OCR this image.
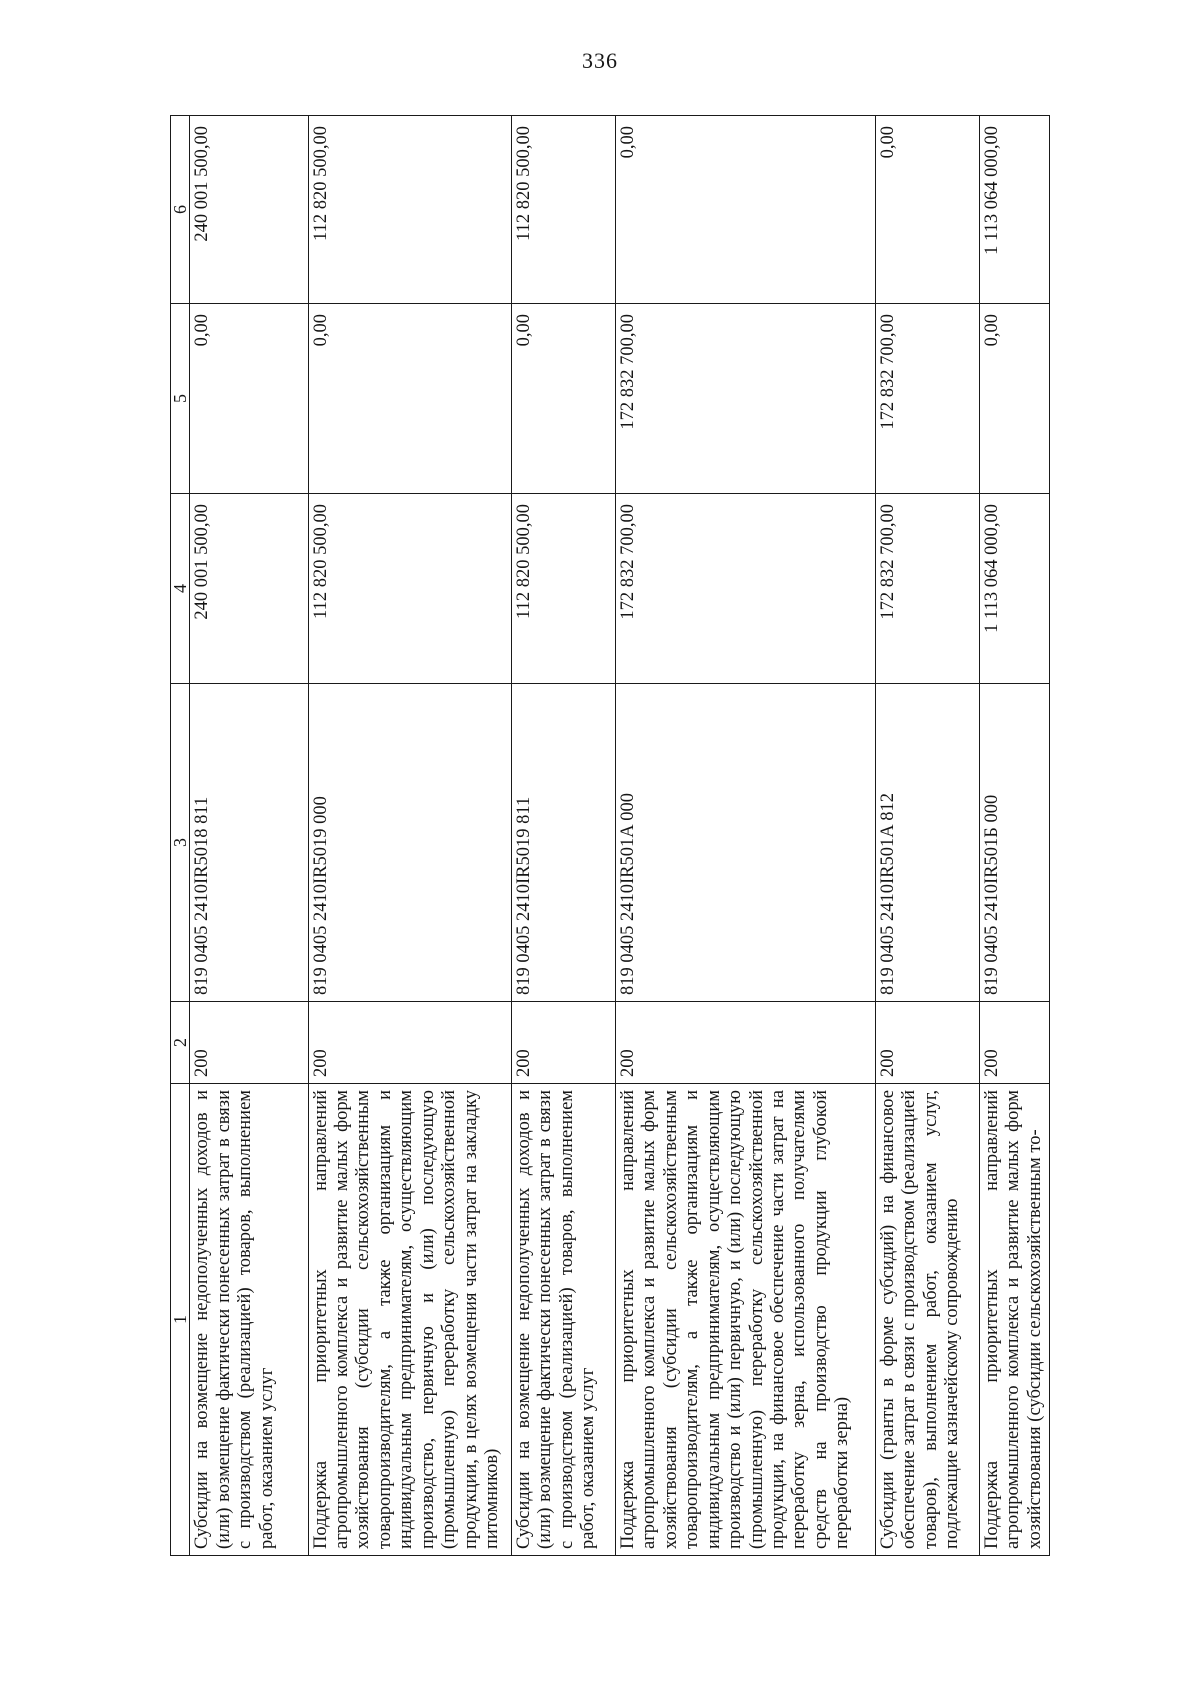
336
1	2	3	4	5	6
Субсидии на возмещение недополученных доходов и (или) возмещение фактически понесенных затрат в связи с производством (реализацией) товаров, выполнением работ, оказанием услуг	200	819 0405 2410IR5018 811	240 001 500,00	0,00	240 001 500,00
Поддержка приоритетных направлений агропромышленного комплекса и развитие малых форм хозяйствования (субсидии сельскохозяйственным товаропроизводителям, а также организациям и индивидуальным предпринимателям, осуществляющим производство, первичную и (или) последующую (промышленную) переработку сельскохозяйственной продукции, в целях возмещения части затрат на закладку питомников)	200	819 0405 2410IR5019 000	112 820 500,00	0,00	112 820 500,00
Субсидии на возмещение недополученных доходов и (или) возмещение фактически понесенных затрат в связи с производством (реализацией) товаров, выполнением работ, оказанием услуг	200	819 0405 2410IR5019 811	112 820 500,00	0,00	112 820 500,00
Поддержка приоритетных направлений агропромышленного комплекса и развитие малых форм хозяйствования (субсидии сельскохозяйственным товаропроизводителям, а также организациям и индивидуальным предпринимателям, осуществляющим производство и (или) первичную, и (или) последующую (промышленную) переработку сельскохозяйственной продукции, на финансовое обеспечение части затрат на переработку зерна, использованного получателями средств на производство продукции глубокой переработки зерна)	200	819 0405 2410IR501A 000	172 832 700,00	172 832 700,00	0,00
Субсидии (гранты в форме субсидий) на финансовое обеспечение затрат в связи с производством (реализацией товаров), выполнением работ, оказанием услуг, подлежащие казначейскому сопровождению	200	819 0405 2410IR501A 812	172 832 700,00	172 832 700,00	0,00
Поддержка приоритетных направлений агропромышленного комплекса и развитие малых форм хозяйствования (субсидии сельскохозяйственным то-	200	819 0405 2410IR501Б 000	1 113 064 000,00	0,00	1 113 064 000,00
